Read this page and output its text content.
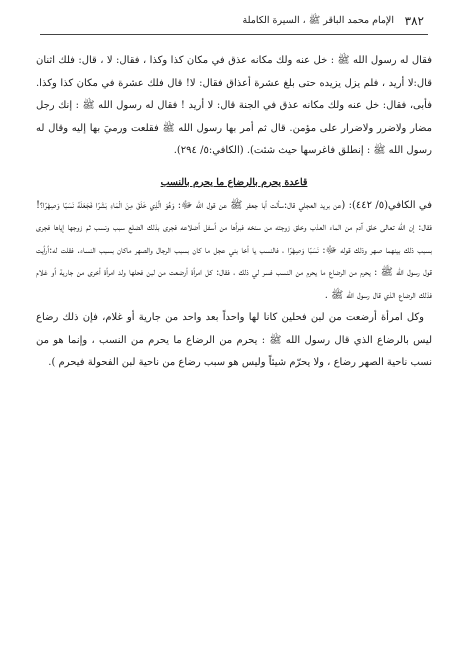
٣٨٢
الإمام محمد الباقر ﷺ ، السيرة الكاملة

فقال له رسول الله ﷺ : خل عنه ولك مكانه عذق في مكان كذا وكذا ، فقال: لا ، قال: فلك اثنان قال:لا أريد ، فلم يزل يزيده حتى بلغ عشرة أعذاق فقال: لا! قال فلك عشرة في مكان كذا وكذا. فأبى، فقال: خل عنه ولك مكانه عذق في الجنة قال: لا أريد ! فقال له رسول الله ﷺ : إنك رجل مضار ولاضرر ولاضرار على مؤمن. قال ثم أمر بها رسول الله ﷺ فقلعت ورميَ بها إليه وقال له رسول الله ﷺ : إنطلق فاغرسها حيث شئت). (الكافي:٥/ ٢٩٤).

قاعدة يحرم بالرضاع ما يحرم بالنسب

في الكافي(٥/ ٤٤٢): (عن بريد العجلي قال:سألت أبا جعفر ﷺ عن قول الله ﷻ: وَهُوَ الَّذِي خَلَقَ مِنَ الْمَاءِ بَشَرًا فَجَعَلَهُ نَسَبًا وَصِهْرًا؟! فقال: إن الله تعالى خلق آدم من الماء العذب وخلق زوجته من سنخه فبرأها من أسفل أضلاعه فجرى بذلك الضلع سبب ونسب ثم زوجها إياها فجرى بسبب ذلك بينهما صهر وذلك قوله ﷻ: نَسَبًا وَصِهْرًا ، فالنسب يا أخا بني عجل ما كان بسبب الرجال والصهر ماكان بسبب النساء. فقلت له:أرأيت قول رسول الله ﷺ : يحرم من الرضاع ما يحرم من النسب فسر لي ذلك ، فقال: كل امرأة أرضعت من لبن فحلها ولد امرأة أخرى من جارية أو غلام فذلك الرضاع الذي قال رسول الله ﷺ .

وكل امرأة أرضعت من لبن فحلين كانا لها واحداً بعد واحد من جارية أو غلام، فإن ذلك رضاع ليس بالرضاع الذي قال رسول الله ﷺ : يحرم من الرضاع ما يحرم من النسب ، وإنما هو من نسب ناحية الصهر رضاع ، ولا يحرّم شيئاً وليس هو سبب رضاع من ناحية لبن الفحولة فيحرم ).
